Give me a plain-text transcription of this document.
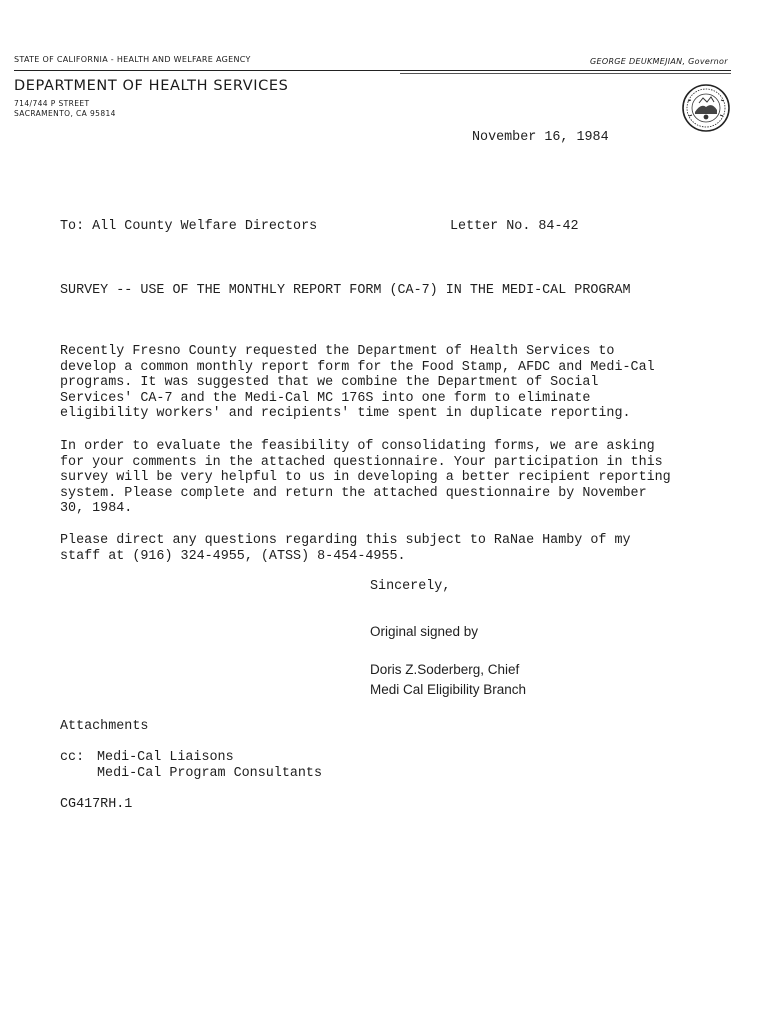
STATE OF CALIFORNIA - HEALTH AND WELFARE AGENCY	GEORGE DEUKMEJIAN, Governor
DEPARTMENT OF HEALTH SERVICES
714/744 P STREET
SACRAMENTO, CA 95814
November 16, 1984
To: All County Welfare Directors	Letter No. 84-42
SURVEY -- USE OF THE MONTHLY REPORT FORM (CA-7) IN THE MEDI-CAL PROGRAM
Recently Fresno County requested the Department of Health Services to
develop a common monthly report form for the Food Stamp, AFDC and Medi-Cal
programs. It was suggested that we combine the Department of Social
Services' CA-7 and the Medi-Cal MC 176S into one form to eliminate
eligibility workers' and recipients' time spent in duplicate reporting.
In order to evaluate the feasibility of consolidating forms, we are asking
for your comments in the attached questionnaire. Your participation in this
survey will be very helpful to us in developing a better recipient reporting
system. Please complete and return the attached questionnaire by November
30, 1984.
Please direct any questions regarding this subject to RaNae Hamby of my
staff at (916) 324-4955, (ATSS) 8-454-4955.
Sincerely,
Original signed by
Doris Z.Soderberg, Chief
Medi Cal Eligibility Branch
Attachments
cc: Medi-Cal Liaisons
Medi-Cal Program Consultants
CG417RH.1
